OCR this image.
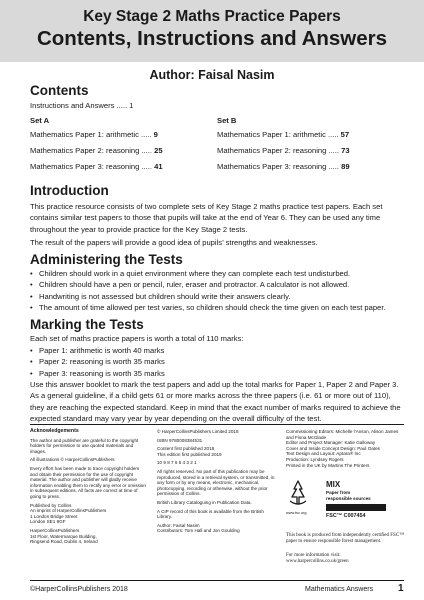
Key Stage 2 Maths Practice Papers
Contents, Instructions and Answers
Author: Faisal Nasim
Contents
Instructions and Answers ..... 1
Set A	Set B
Mathematics Paper 1: arithmetic ..... 9
Mathematics Paper 2: reasoning ..... 25
Mathematics Paper 3: reasoning ..... 41
Mathematics Paper 1: arithmetic ..... 57
Mathematics Paper 2: reasoning ..... 73
Mathematics Paper 3: reasoning ..... 89
Introduction
This practice resource consists of two complete sets of Key Stage 2 maths practice test papers. Each set contains similar test papers to those that pupils will take at the end of Year 6. They can be used any time throughout the year to provide practice for the Key Stage 2 tests.
The result of the papers will provide a good idea of pupils’ strengths and weaknesses.
Administering the Tests
• Children should work in a quiet environment where they can complete each test undisturbed.
• Children should have a pen or pencil, ruler, eraser and protractor. A calculator is not allowed.
• Handwriting is not assessed but children should write their answers clearly.
• The amount of time allowed per test varies, so children should check the time given on each test paper.
Marking the Tests
Each set of maths practice papers is worth a total of 110 marks:
• Paper 1: arithmetic is worth 40 marks
• Paper 2: reasoning is worth 35 marks
• Paper 3: reasoning is worth 35 marks
Use this answer booklet to mark the test papers and add up the total marks for Paper 1, Paper 2 and Paper 3. As a general guideline, if a child gets 61 or more marks across the three papers (i.e. 61 or more out of 110), they are reaching the expected standard. Keep in mind that the exact number of marks required to achieve the expected standard may vary year by year depending on the overall difficulty of the test.

Acknowledgements

The author and publisher are grateful to the copyright holders for permission to use quoted materials and images.

All illustrations © HarperCollinsPublishers

Every effort has been made to trace copyright holders and obtain their permission for the use of copyright material. The author and publisher will gladly receive information enabling them to rectify any error or omission in subsequent editions. All facts are correct at time of going to press.

Published by Collins
An imprint of HarperCollinsPublishers
1 London Bridge Street
London SE1 9GF

HarperCollinsPublishers
1st Floor, Watermarque Building,
Ringsend Road, Dublin 4, Ireland

© HarperCollinsPublishers Limited 2018

ISBN 9780008384531

Content first published 2018
This edition first published 2019

10 9 8 7 6 5 4 3 2 1

All rights reserved. No part of this publication may be reproduced, stored in a retrieval system, or transmitted, in any form or by any means, electronic, mechanical, photocopying, recording or otherwise, without the prior permission of Collins.

British Library Cataloguing in Publication Data.

A CIP record of this book is available from the British Library.

Author: Faisal Nasim
Contributors: Tom Hall and Jon Goulding

Commissioning Editors: Michelle l’Anson, Alison James and Fiona McGlade
Editor and Project Manager: Katie Galloway
Cover and Inside Concept Design: Paul Oates
Text Design and Layout: Aptara® Inc
Production: Lyndsey Rogers
Printed in the UK by Martins The Printers

www.fsc.org
MIX
Paper from
responsible sources
FSC™ C007454
This book is produced from independently certified FSC™ paper to ensure responsible forest management.
For more information visit:
www.harpercollins.co.uk/green
©HarperCollinsPublishers 2018	Mathematics Answers 1
